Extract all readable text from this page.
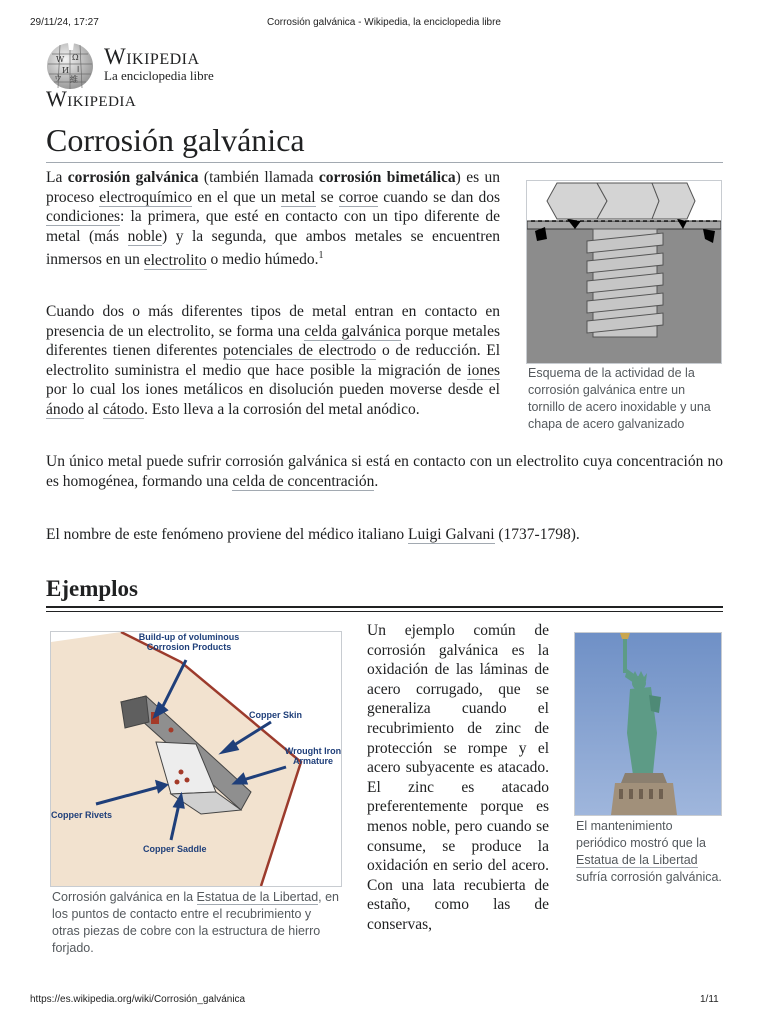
29/11/24, 17:27	Corrosión galvánica - Wikipedia, la enciclopedia libre
W Ω
И ا
ウ 維
Wikipedia
La enciclopedia libre
Wikipedia
Corrosión galvánica
Esquema de la actividad de la corrosión galvánica entre un tornillo de acero inoxidable y una chapa de acero galvanizado
La corrosión galvánica (también llamada corrosión bimetálica) es un proceso electroquímico en el que un metal se corroe cuando se dan dos condiciones: la primera, que esté en contacto con un tipo diferente de metal (más noble) y la segunda, que ambos metales se encuentren inmersos en un electrolito o medio húmedo.$^1$
Cuando dos o más diferentes tipos de metal entran en contacto en presencia de un electrolito, se forma una celda galvánica porque metales diferentes tienen diferentes potenciales de electrodo o de reducción. El electrolito suministra el medio que hace posible la migración de iones por lo cual los iones metálicos en disolución pueden moverse desde el ánodo al cátodo. Esto lleva a la corrosión del metal anódico.
Un único metal puede sufrir corrosión galvánica si está en contacto con un electrolito cuya concentración no es homogénea, formando una celda de concentración.
El nombre de este fenómeno proviene del médico italiano Luigi Galvani (1737-1798).
Ejemplos
Build-up of voluminous
Corrosion Products
Copper Skin
Wrought Iron
Armature
Copper Rivets
Copper Saddle
Corrosión galvánica en la Estatua de la Libertad, en los puntos de contacto entre el recubrimiento y otras piezas de cobre con la estructura de hierro forjado.
Un ejemplo común de corrosión galvánica es la oxidación de las láminas de acero corrugado, que se generaliza cuando el recubrimiento de zinc de protección se rompe y el acero subyacente es atacado. El zinc es atacado preferentemente porque es menos noble, pero cuando se consume, se produce la oxidación en serio del acero. Con una lata recubierta de estaño, como las de conservas,
El mantenimiento periódico mostró que la Estatua de la Libertad sufría corrosión galvánica.
https://es.wikipedia.org/wiki/Corrosión_galvánica	1/11
